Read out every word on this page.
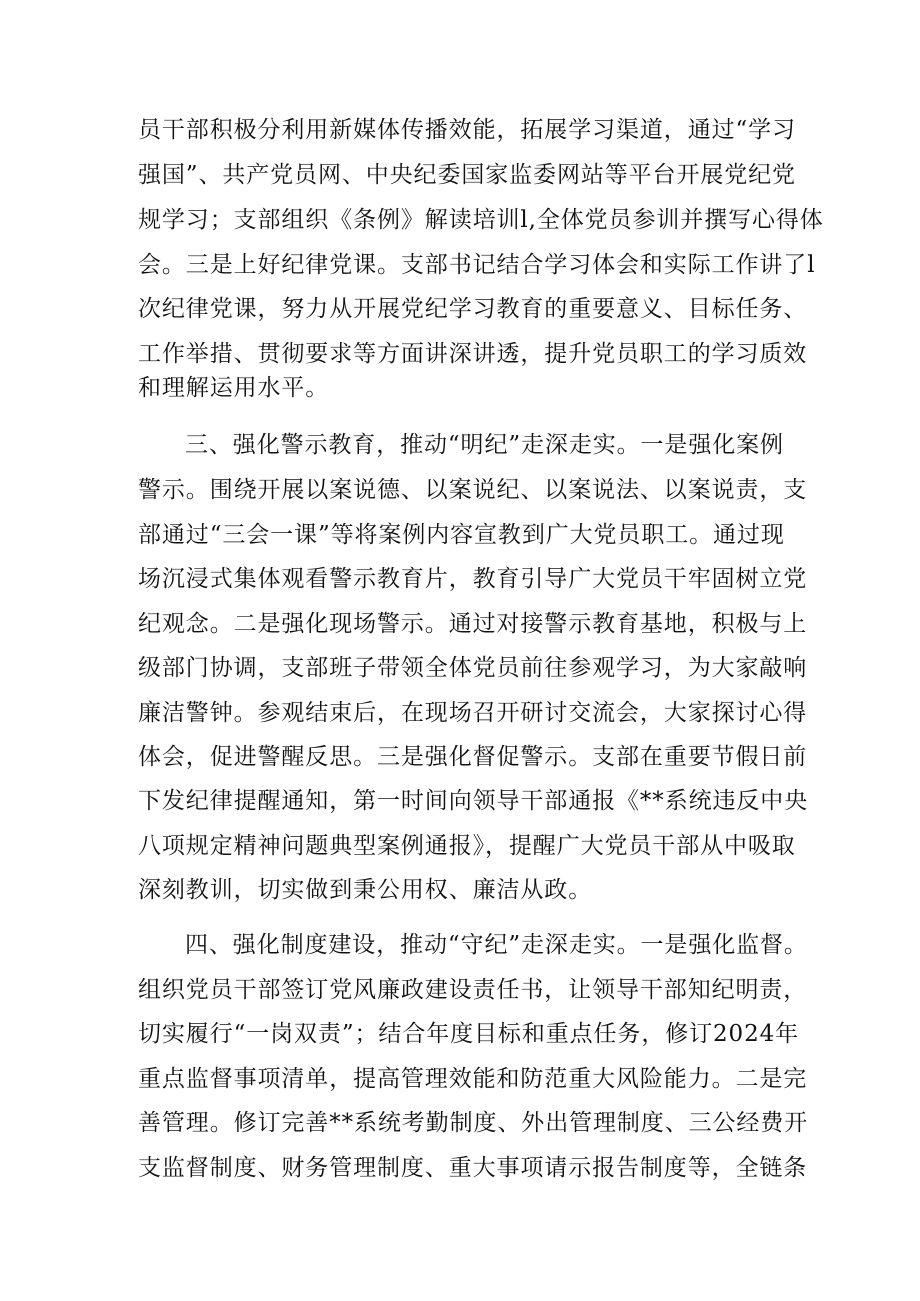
员干部积极分利用新媒体传播效能，拓展学习渠道，通过“学习
强国”、共产党员网、中央纪委国家监委网站等平台开展党纪党
规学习；支部组织《条例》解读培训l,全体党员参训并撰写心得体
会。三是上好纪律党课。支部书记结合学习体会和实际工作讲了l
次纪律党课，努力从开展党纪学习教育的重要意义、目标任务、
工作举措、贯彻要求等方面讲深讲透，提升党员职工的学习质效
和理解运用水平。
三、强化警示教育，推动“明纪”走深走实。一是强化案例
警示。围绕开展以案说德、以案说纪、以案说法、以案说责，支
部通过“三会一课”等将案例内容宣教到广大党员职工。通过现
场沉浸式集体观看警示教育片，教育引导广大党员干牢固树立党
纪观念。二是强化现场警示。通过对接警示教育基地，积极与上
级部门协调，支部班子带领全体党员前往参观学习，为大家敲响
廉洁警钟。参观结束后，在现场召开研讨交流会，大家探讨心得
体会，促进警醒反思。三是强化督促警示。支部在重要节假日前
下发纪律提醒通知，第一时间向领导干部通报《**系统违反中央
八项规定精神问题典型案例通报》，提醒广大党员干部从中吸取
深刻教训，切实做到秉公用权、廉洁从政。
四、强化制度建设，推动“守纪”走深走实。一是强化监督。
组织党员干部签订党风廉政建设责任书，让领导干部知纪明责，
切实履行“一岗双责”；结合年度目标和重点任务，修订2024年
重点监督事项清单，提高管理效能和防范重大风险能力。二是完
善管理。修订完善**系统考勤制度、外出管理制度、三公经费开
支监督制度、财务管理制度、重大事项请示报告制度等，全链条
